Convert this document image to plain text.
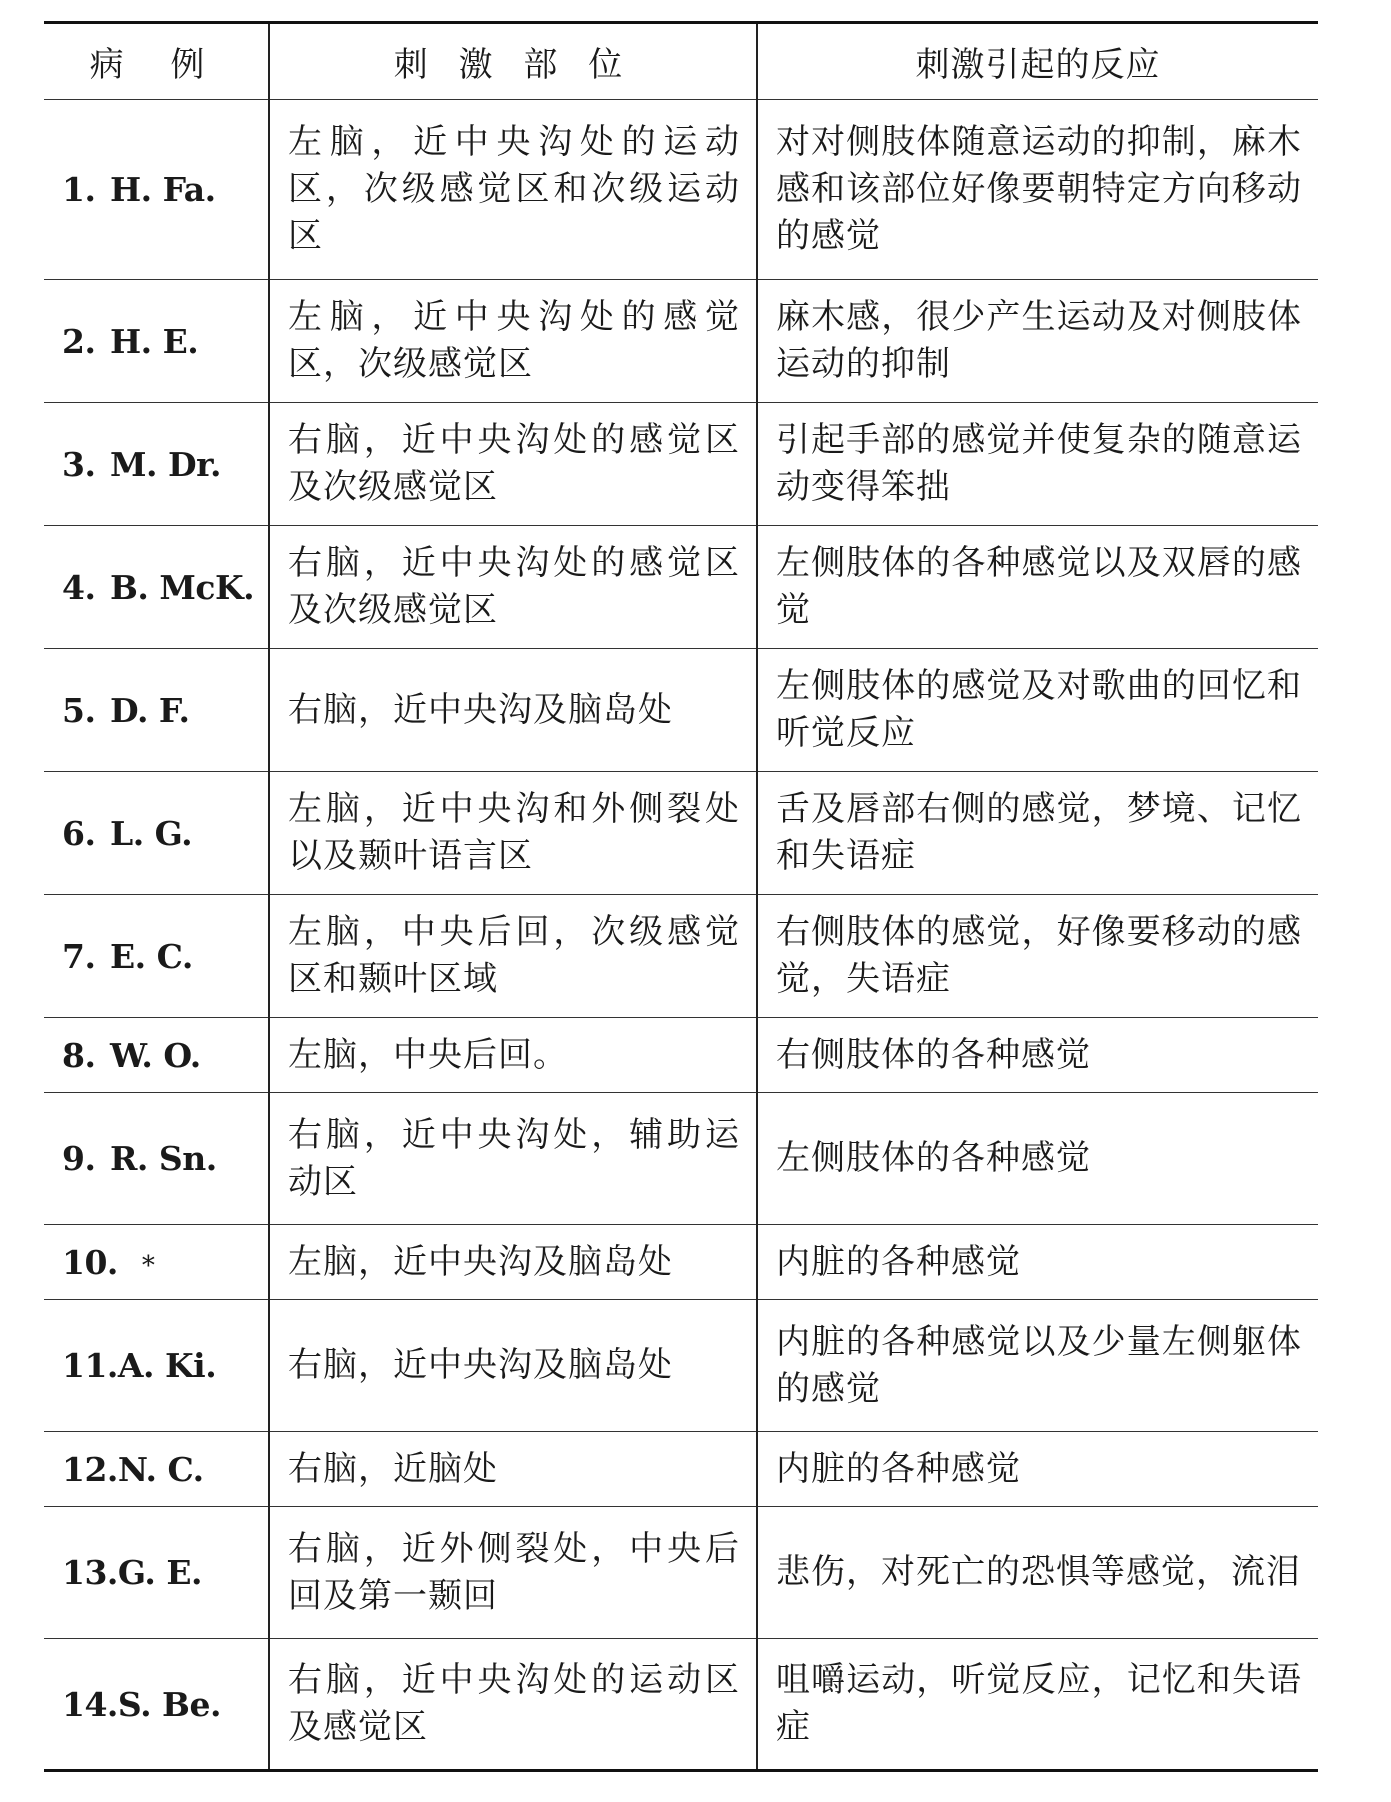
病 例	刺 激 部 位	刺激引起的反应
1. H. Fa.	左脑，近中央沟处的运动区，次级感觉区和次级运动区	对对侧肢体随意运动的抑制，麻木感和该部位好像要朝特定方向移动的感觉
2. H. E.	左脑，近中央沟处的感觉区，次级感觉区	麻木感，很少产生运动及对侧肢体运动的抑制
3. M. Dr.	右脑，近中央沟处的感觉区及次级感觉区	引起手部的感觉并使复杂的随意运动变得笨拙
4. B. McK.	右脑，近中央沟处的感觉区及次级感觉区	左侧肢体的各种感觉以及双唇的感觉
5. D. F.	右脑，近中央沟及脑岛处	左侧肢体的感觉及对歌曲的回忆和听觉反应
6. L. G.	左脑，近中央沟和外侧裂处以及颞叶语言区	舌及唇部右侧的感觉，梦境、记忆和失语症
7. E. C.	左脑，中央后回，次级感觉区和颞叶区域	右侧肢体的感觉，好像要移动的感觉，失语症
8. W. O.	左脑，中央后回。	右侧肢体的各种感觉
9. R. Sn.	右脑，近中央沟处，辅助运动区	左侧肢体的各种感觉
10. *	左脑，近中央沟及脑岛处	内脏的各种感觉
11.A. Ki.	右脑，近中央沟及脑岛处	内脏的各种感觉以及少量左侧躯体的感觉
12.N. C.	右脑，近脑处	内脏的各种感觉
13.G. E.	右脑，近外侧裂处，中央后回及第一颞回	悲伤，对死亡的恐惧等感觉，流泪
14.S. Be.	右脑，近中央沟处的运动区及感觉区	咀嚼运动，听觉反应，记忆和失语症
